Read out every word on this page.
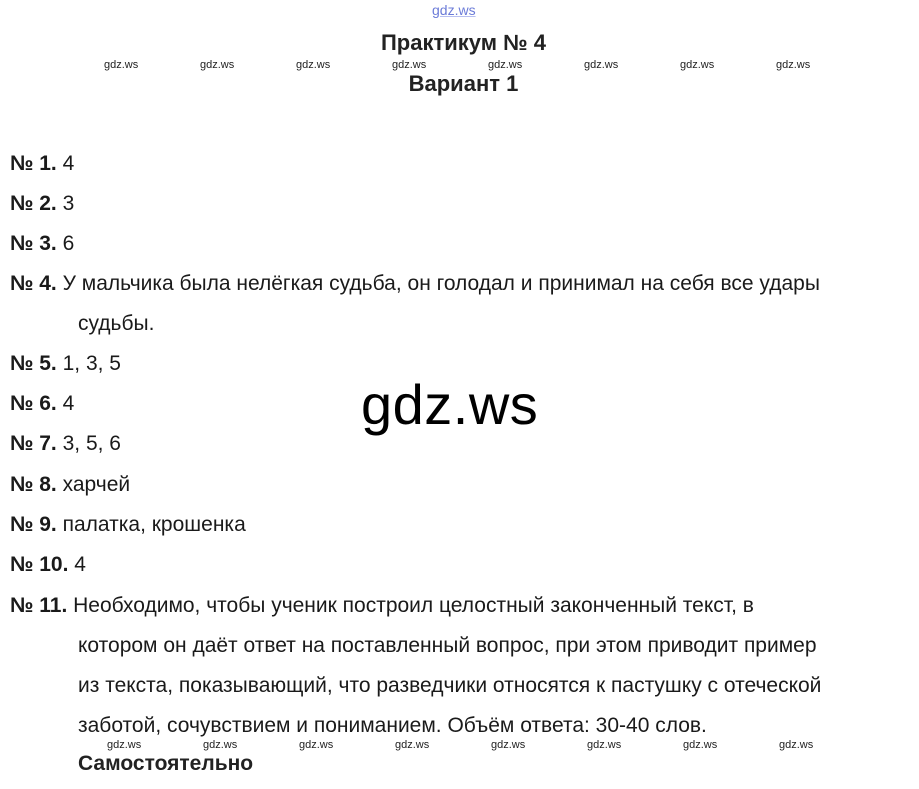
gdz.ws
Практикум № 4
gdz.ws	gdz.ws	gdz.ws	gdz.ws	gdz.ws	gdz.ws	gdz.ws	gdz.ws
Вариант 1
№ 1. 4
№ 2. 3
№ 3. 6
№ 4. У мальчика была нелёгкая судьба, он голодал и принимал на себя все удары
судьбы.
№ 5. 1, 3, 5
№ 6. 4
№ 7. 3, 5, 6
№ 8. харчей
№ 9. палатка, крошенка
№ 10. 4
№ 11. Необходимо, чтобы ученик построил целостный законченный текст, в
котором он даёт ответ на поставленный вопрос, при этом приводит пример
из текста, показывающий, что разведчики относятся к пастушку с отеческой
заботой, сочувствием и пониманием. Объём ответа: 30-40 слов.
gdz.ws
gdz.ws	gdz.ws	gdz.ws	gdz.ws	gdz.ws	gdz.ws	gdz.ws	gdz.ws
Самостоятельно
